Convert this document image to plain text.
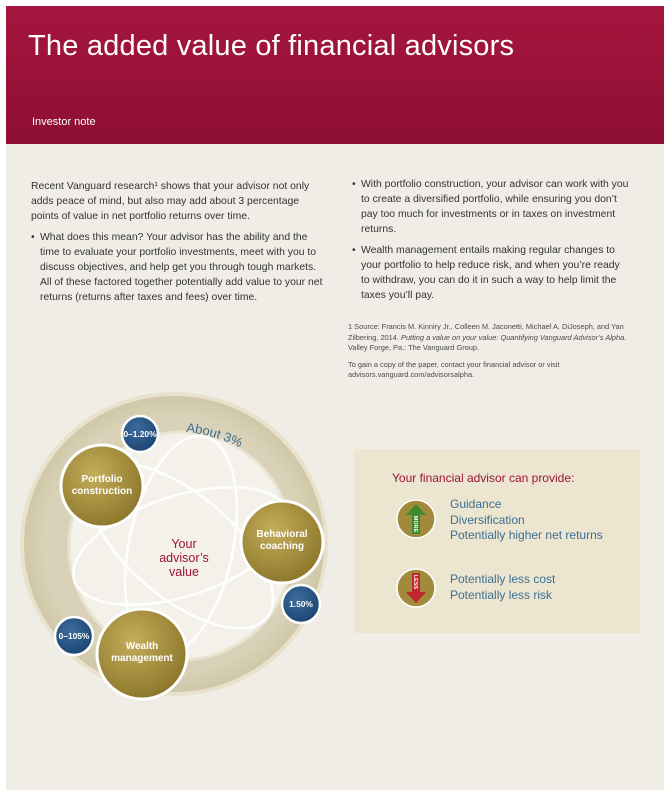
The added value of financial advisors
Investor note

Recent Vanguard research¹ shows that your advisor not only adds peace of mind, but also may add about 3 percentage points of value in net portfolio returns over time.

• What does this mean? Your advisor has the ability and the time to evaluate your portfolio investments, meet with you to discuss objectives, and help get you through tough markets. All of these factored together potentially add value to your net returns (returns after taxes and fees) over time.
• With portfolio construction, your advisor can work with you to create a diversified portfolio, while ensuring you don’t pay too much for investments or in taxes on investment returns.
• Wealth management entails making regular changes to your portfolio to help reduce risk, and when you’re ready to withdraw, you can do it in such a way to help limit the taxes you’ll pay.

1 Source: Francis M. Kinniry Jr., Colleen M. Jaconetti, Michael A. DiJoseph, and Yan Zilbering, 2014. Putting a value on your value: Quantifying Vanguard Advisor’s Alpha. Valley Forge, Pa.: The Vanguard Group.

To gain a copy of the paper, contact your financial advisor or visit advisors.vanguard.com/advisorsalpha.

About 3%
Portfolio
construction
Behavioral
coaching
Wealth
management
0–1.20%
1.50%
0–105%
Your
advisor’s
value
Your financial advisor can provide:
MORE
Guidance
Diversification
Potentially higher net returns
LESS	Potentially less cost
Potentially less risk
